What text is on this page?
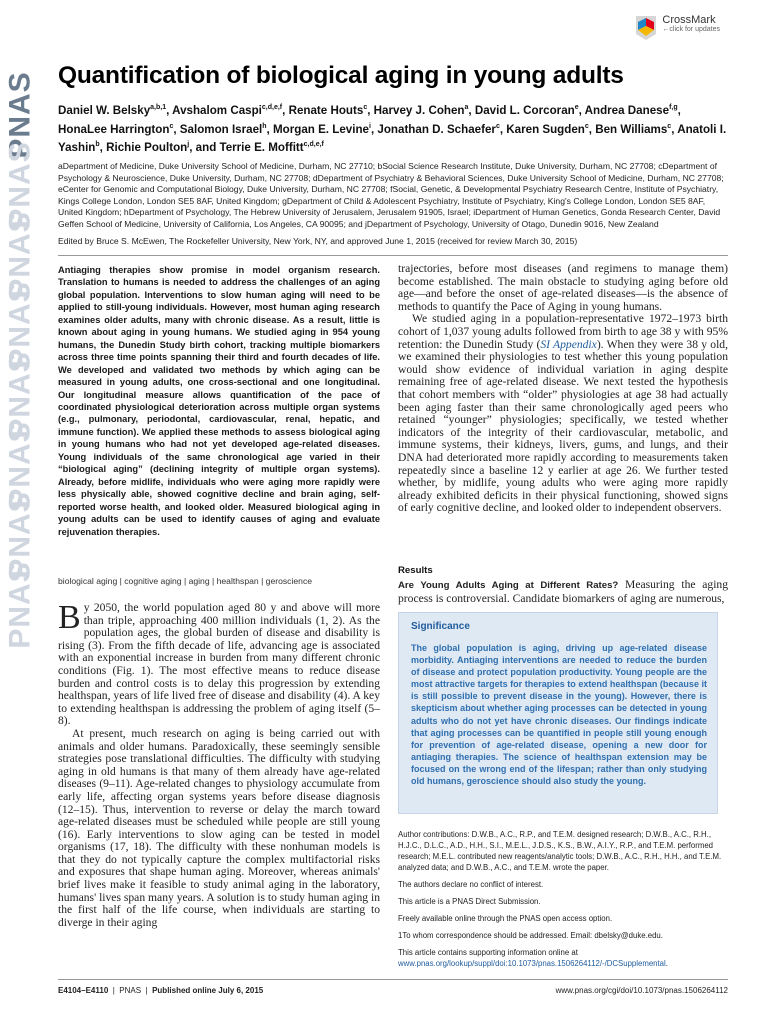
PNAS
PNAS
PNAS
PNAS
PNAS
PNAS
PNAS
PNAS
CrossMark
←click for updates
Quantification of biological aging in young adults
Daniel W. Belsky$^{a,b,1}$, Avshalom Caspi$^{c,d,e,f}$, Renate Houts$^c$, Harvey J. Cohen$^a$, David L. Corcoran$^e$, Andrea Danese$^{f,g}$, HonaLee Harrington$^c$, Salomon Israel$^h$, Morgan E. Levine$^i$, Jonathan D. Schaefer$^c$, Karen Sugden$^c$, Ben Williams$^c$, Anatoli I. Yashin$^b$, Richie Poulton$^j$, and Terrie E. Moffitt$^{c,d,e,f}$
aDepartment of Medicine, Duke University School of Medicine, Durham, NC 27710; bSocial Science Research Institute, Duke University, Durham, NC 27708; cDepartment of Psychology & Neuroscience, Duke University, Durham, NC 27708; dDepartment of Psychiatry & Behavioral Sciences, Duke University School of Medicine, Durham, NC 27708; eCenter for Genomic and Computational Biology, Duke University, Durham, NC 27708; fSocial, Genetic, & Developmental Psychiatry Research Centre, Institute of Psychiatry, Kings College London, London SE5 8AF, United Kingdom; gDepartment of Child & Adolescent Psychiatry, Institute of Psychiatry, King's College London, London SE5 8AF, United Kingdom; hDepartment of Psychology, The Hebrew University of Jerusalem, Jerusalem 91905, Israel; iDepartment of Human Genetics, Gonda Research Center, David Geffen School of Medicine, University of California, Los Angeles, CA 90095; and jDepartment of Psychology, University of Otago, Dunedin 9016, New Zealand
Edited by Bruce S. McEwen, The Rockefeller University, New York, NY, and approved June 1, 2015 (received for review March 30, 2015)
Antiaging therapies show promise in model organism research. Translation to humans is needed to address the challenges of an aging global population. Interventions to slow human aging will need to be applied to still-young individuals. However, most human aging research examines older adults, many with chronic disease. As a result, little is known about aging in young humans. We studied aging in 954 young humans, the Dunedin Study birth cohort, tracking multiple biomarkers across three time points spanning their third and fourth decades of life. We developed and validated two methods by which aging can be measured in young adults, one cross-sectional and one longitudinal. Our longitudinal measure allows quantification of the pace of coordinated physiological deterioration across multiple organ systems (e.g., pulmonary, periodontal, cardiovascular, renal, hepatic, and immune function). We applied these methods to assess biological aging in young humans who had not yet developed age-related diseases. Young individuals of the same chronological age varied in their “biological aging” (declining integrity of multiple organ systems). Already, before midlife, individuals who were aging more rapidly were less physically able, showed cognitive decline and brain aging, self-reported worse health, and looked older. Measured biological aging in young adults can be used to identify causes of aging and evaluate rejuvenation therapies.
biological aging | cognitive aging | aging | healthspan | geroscience

By 2050, the world population aged 80 y and above will more than triple, approaching 400 million individuals (1, 2). As the population ages, the global burden of disease and disability is rising (3). From the fifth decade of life, advancing age is associated with an exponential increase in burden from many different chronic conditions (Fig. 1). The most effective means to reduce disease burden and control costs is to delay this progression by extending healthspan, years of life lived free of disease and disability (4). A key to extending healthspan is addressing the problem of aging itself (5–8).

At present, much research on aging is being carried out with animals and older humans. Paradoxically, these seemingly sensible strategies pose translational difficulties. The difficulty with studying aging in old humans is that many of them already have age-related diseases (9–11). Age-related changes to physiology accumulate from early life, affecting organ systems years before disease diagnosis (12–15). Thus, intervention to reverse or delay the march toward age-related diseases must be scheduled while people are still young (16). Early interventions to slow aging can be tested in model organisms (17, 18). The difficulty with these nonhuman models is that they do not typically capture the complex multifactorial risks and exposures that shape human aging. Moreover, whereas animals' brief lives make it feasible to study animal aging in the laboratory, humans' lives span many years. A solution is to study human aging in the first half of the life course, when individuals are starting to diverge in their aging

trajectories, before most diseases (and regimens to manage them) become established. The main obstacle to studying aging before old age—and before the onset of age-related diseases—is the absence of methods to quantify the Pace of Aging in young humans.

We studied aging in a population-representative 1972–1973 birth cohort of 1,037 young adults followed from birth to age 38 y with 95% retention: the Dunedin Study (SI Appendix). When they were 38 y old, we examined their physiologies to test whether this young population would show evidence of individual variation in aging despite remaining free of age-related disease. We next tested the hypothesis that cohort members with “older” physiologies at age 38 had actually been aging faster than their same chronologically aged peers who retained “younger” physiologies; specifically, we tested whether indicators of the integrity of their cardiovascular, metabolic, and immune systems, their kidneys, livers, gums, and lungs, and their DNA had deteriorated more rapidly according to measurements taken repeatedly since a baseline 12 y earlier at age 26. We further tested whether, by midlife, young adults who were aging more rapidly already exhibited deficits in their physical functioning, showed signs of early cognitive decline, and looked older to independent observers.

Results
Are Young Adults Aging at Different Rates? Measuring the aging process is controversial. Candidate biomarkers of aging are numerous,
Significance
The global population is aging, driving up age-related disease morbidity. Antiaging interventions are needed to reduce the burden of disease and protect population productivity. Young people are the most attractive targets for therapies to extend healthspan (because it is still possible to prevent disease in the young). However, there is skepticism about whether aging processes can be detected in young adults who do not yet have chronic diseases. Our findings indicate that aging processes can be quantified in people still young enough for prevention of age-related disease, opening a new door for antiaging therapies. The science of healthspan extension may be focused on the wrong end of the lifespan; rather than only studying old humans, geroscience should also study the young.

Author contributions: D.W.B., A.C., R.P., and T.E.M. designed research; D.W.B., A.C., R.H., H.J.C., D.L.C., A.D., H.H., S.I., M.E.L., J.D.S., K.S., B.W., A.I.Y., R.P., and T.E.M. performed research; M.E.L. contributed new reagents/analytic tools; D.W.B., A.C., R.H., H.H., and T.E.M. analyzed data; and D.W.B., A.C., and T.E.M. wrote the paper.

The authors declare no conflict of interest.

This article is a PNAS Direct Submission.

Freely available online through the PNAS open access option.

1To whom correspondence should be addressed. Email: dbelsky@duke.edu.

This article contains supporting information online at www.pnas.org/lookup/suppl/doi:10.1073/pnas.1506264112/-/DCSupplemental.

E4104–E4110  |  PNAS  |  Published online July 6, 2015	www.pnas.org/cgi/doi/10.1073/pnas.1506264112
